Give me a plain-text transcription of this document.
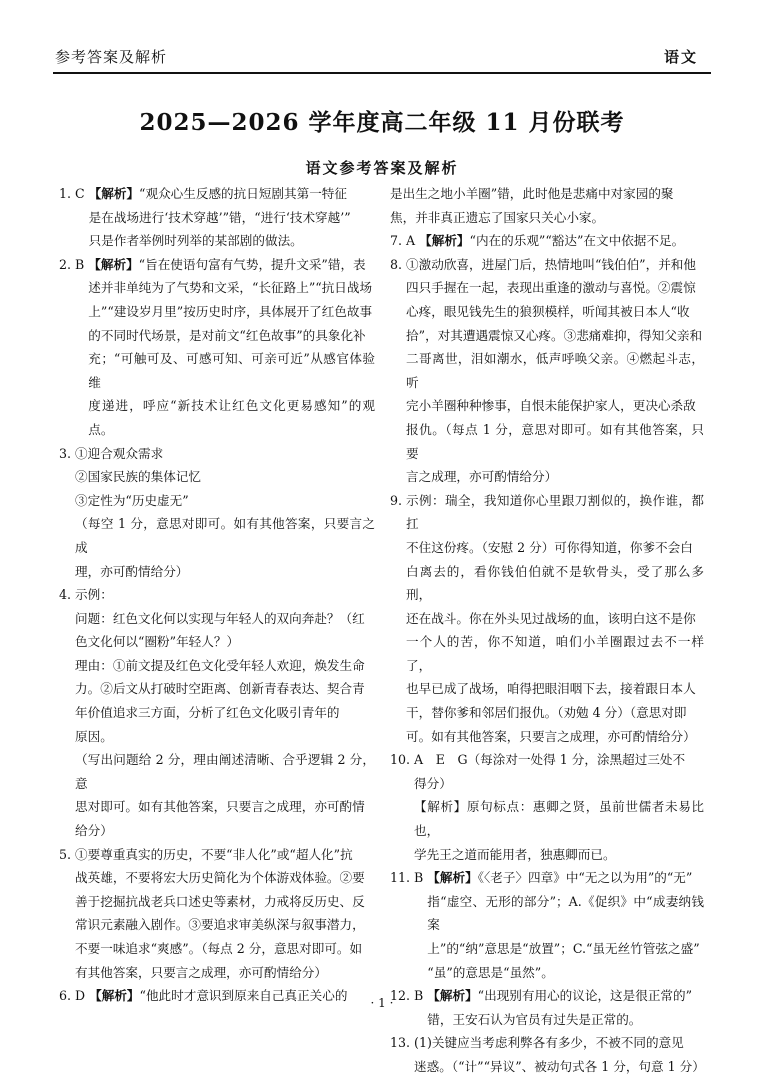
参考答案及解析	语文
2025—2026 学年度高二年级 11 月份联考
语文参考答案及解析
1. C 【解析】“观众心生反感的抗日短剧其第一特征
是在战场进行‘技术穿越’”错，“进行‘技术穿越’”
只是作者举例时列举的某部剧的做法。
2. B 【解析】“旨在使语句富有气势，提升文采”错，表
述并非单纯为了气势和文采，“长征路上”“抗日战场
上”“建设岁月里”按历史时序，具体展开了红色故事
的不同时代场景，是对前文“红色故事”的具象化补
充；“可触可及、可感可知、可亲可近”从感官体验维
度递进，呼应“新技术让红色文化更易感知”的观点。
3. ①迎合观众需求
②国家民族的集体记忆
③定性为“历史虚无”
（每空 1 分，意思对即可。如有其他答案，只要言之成
理，亦可酌情给分）
4. 示例：
问题：红色文化何以实现与年轻人的双向奔赴？（红
色文化何以“圈粉”年轻人？）
理由：①前文提及红色文化受年轻人欢迎，焕发生命
力。②后文从打破时空距离、创新青春表达、契合青
年价值追求三方面，分析了红色文化吸引青年的
原因。
（写出问题给 2 分，理由阐述清晰、合乎逻辑 2 分，意
思对即可。如有其他答案，只要言之成理，亦可酌情
给分）
5. ①要尊重真实的历史，不要“非人化”或“超人化”抗
战英雄，不要将宏大历史简化为个体游戏体验。②要
善于挖掘抗战老兵口述史等素材，力戒将反历史、反
常识元素融入剧作。③要追求审美纵深与叙事潜力，
不要一味追求“爽感”。（每点 2 分，意思对即可。如
有其他答案，只要言之成理，亦可酌情给分）
6. D 【解析】“他此时才意识到原来自己真正关心的
是出生之地小羊圈”错，此时他是悲痛中对家园的聚
焦，并非真正遗忘了国家只关心小家。
7. A 【解析】“内在的乐观”“豁达”在文中依据不足。
8. ①激动欣喜，进屋门后，热情地叫“钱伯伯”，并和他
四只手握在一起，表现出重逢的激动与喜悦。②震惊
心疼，眼见钱先生的狼狈模样，听闻其被日本人“收
拾”，对其遭遇震惊又心疼。③悲痛难抑，得知父亲和
二哥离世，泪如潮水，低声呼唤父亲。④燃起斗志，听
完小羊圈种种惨事，自恨未能保护家人，更决心杀敌
报仇。（每点 1 分，意思对即可。如有其他答案，只要
言之成理，亦可酌情给分）
9. 示例：瑞全，我知道你心里跟刀割似的，换作谁，都扛
不住这份疼。（安慰 2 分）可你得知道，你爹不会白
白离去的，看你钱伯伯就不是软骨头，受了那么多刑，
还在战斗。你在外头见过战场的血，该明白这不是你
一个人的苦，你不知道，咱们小羊圈跟过去不一样了，
也早已成了战场，咱得把眼泪咽下去，接着跟日本人
干，替你爹和邻居们报仇。（劝勉 4 分）（意思对即
可。如有其他答案，只要言之成理，亦可酌情给分）
10. A　E　G（每涂对一处得 1 分，涂黑超过三处不
得分）
【解析】原句标点：惠卿之贤，虽前世儒者未易比也，
学先王之道而能用者，独惠卿而已。
11. B 【解析】《〈老子〉四章》中“无之以为用”的“无”
指“虚空、无形的部分”；A.《促织》中“成妻纳钱案
上”的“纳”意思是“放置”；C.“虽无丝竹管弦之盛”
“虽”的意思是“虽然”。
12. B 【解析】“出现别有用心的议论，这是很正常的”
错，王安石认为官员有过失是正常的。
13. (1)关键应当考虑利弊各有多少，不被不同的意见
迷惑。（“计”“异议”、被动句式各 1 分，句意 1 分）
· 1 ·
